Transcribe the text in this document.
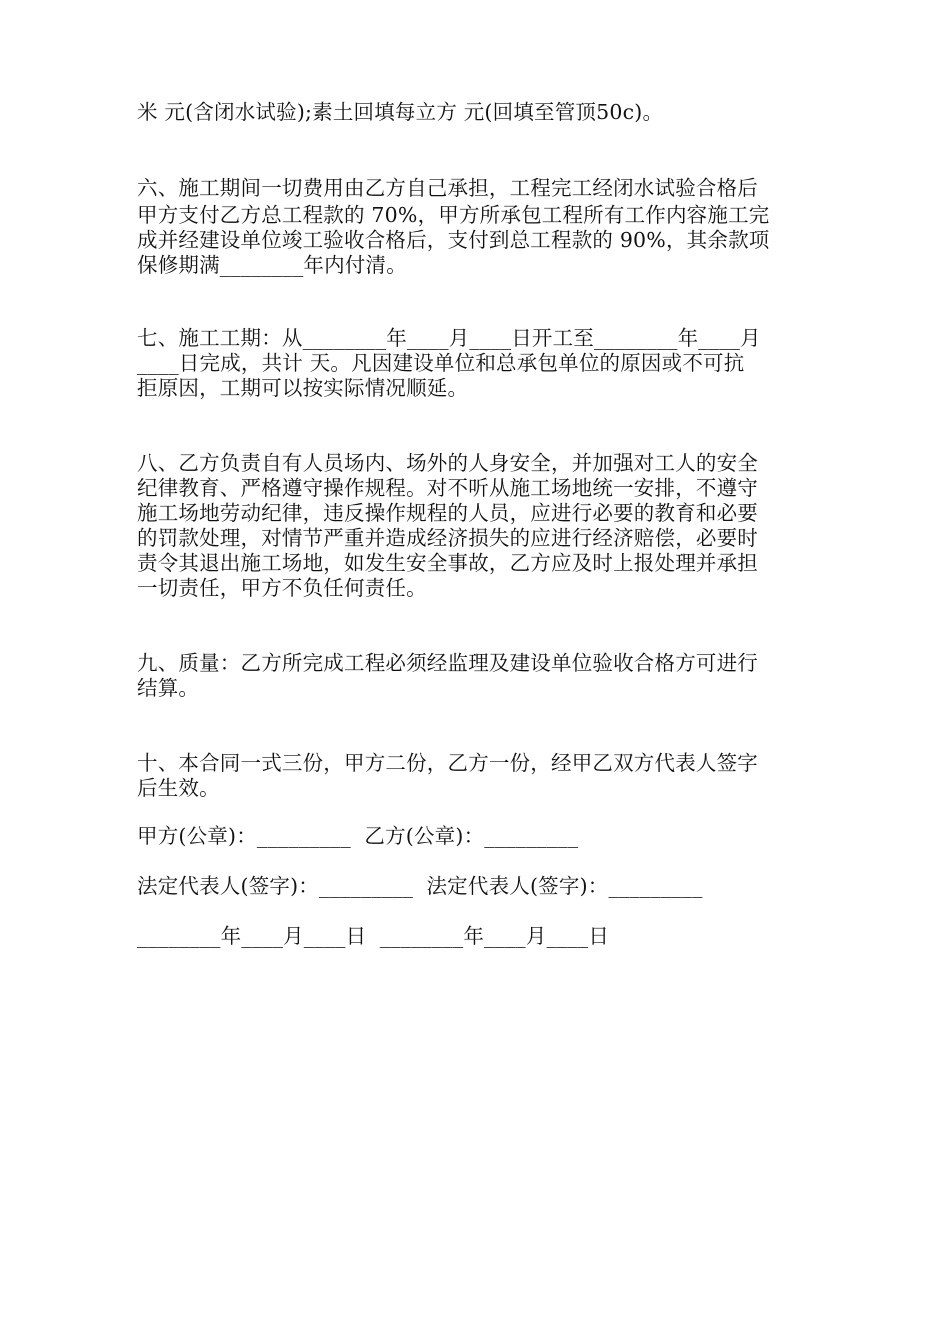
米 元(含闭水试验);素土回填每立方 元(回填至管顶50c)。
六、施工期间一切费用由乙方自己承担，工程完工经闭水试验合格后
甲方支付乙方总工程款的 70%，甲方所承包工程所有工作内容施工完
成并经建设单位竣工验收合格后，支付到总工程款的 90%，其余款项
保修期满________年内付清。
七、施工工期：从________年____月____日开工至________年____月
____日完成，共计 天。凡因建设单位和总承包单位的原因或不可抗
拒原因，工期可以按实际情况顺延。
八、乙方负责自有人员场内、场外的人身安全，并加强对工人的安全
纪律教育、严格遵守操作规程。对不听从施工场地统一安排，不遵守
施工场地劳动纪律，违反操作规程的人员，应进行必要的教育和必要
的罚款处理，对情节严重并造成经济损失的应进行经济赔偿，必要时
责令其退出施工场地，如发生安全事故，乙方应及时上报处理并承担
一切责任，甲方不负任何责任。
九、质量：乙方所完成工程必须经监理及建设单位验收合格方可进行
结算。
十、本合同一式三份，甲方二份，乙方一份，经甲乙双方代表人签字
后生效。
甲方(公章)：_________  乙方(公章)：_________
法定代表人(签字)：_________  法定代表人(签字)：_________
________年____月____日  ________年____月____日
